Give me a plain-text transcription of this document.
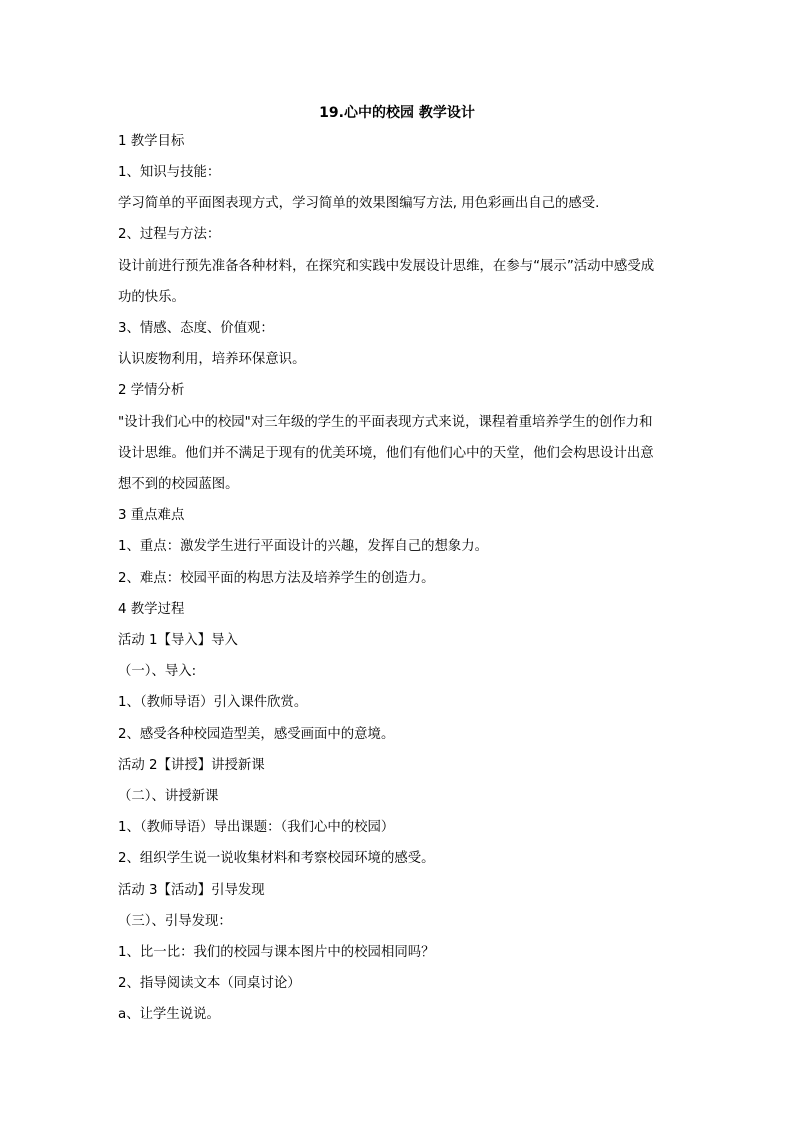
19.心中的校园 教学设计
1 教学目标
1、知识与技能：
学习简单的平面图表现方式，学习简单的效果图编写方法, 用色彩画出自己的感受.
2、过程与方法：
设计前进行预先准备各种材料，在探究和实践中发展设计思维，在参与“展示”活动中感受成
功的快乐。
3、情感、态度、价值观：
认识废物利用，培养环保意识。
2 学情分析
"设计我们心中的校园"对三年级的学生的平面表现方式来说，课程着重培养学生的创作力和
设计思维。他们并不满足于现有的优美环境，他们有他们心中的天堂，他们会构思设计出意
想不到的校园蓝图。
3 重点难点
1、重点：激发学生进行平面设计的兴趣，发挥自己的想象力。
2、难点：校园平面的构思方法及培养学生的创造力。
4 教学过程
活动 1【导入】导入
（一）、导入:
1、（教师导语）引入课件欣赏。
2、感受各种校园造型美，感受画面中的意境。
活动 2【讲授】讲授新课
（二）、讲授新课
1、（教师导语）导出课题：（我们心中的校园）
2、组织学生说一说收集材料和考察校园环境的感受。
活动 3【活动】引导发现
（三）、引导发现：
1、比一比：我们的校园与课本图片中的校园相同吗？
2、指导阅读文本（同桌讨论）
a、让学生说说。
